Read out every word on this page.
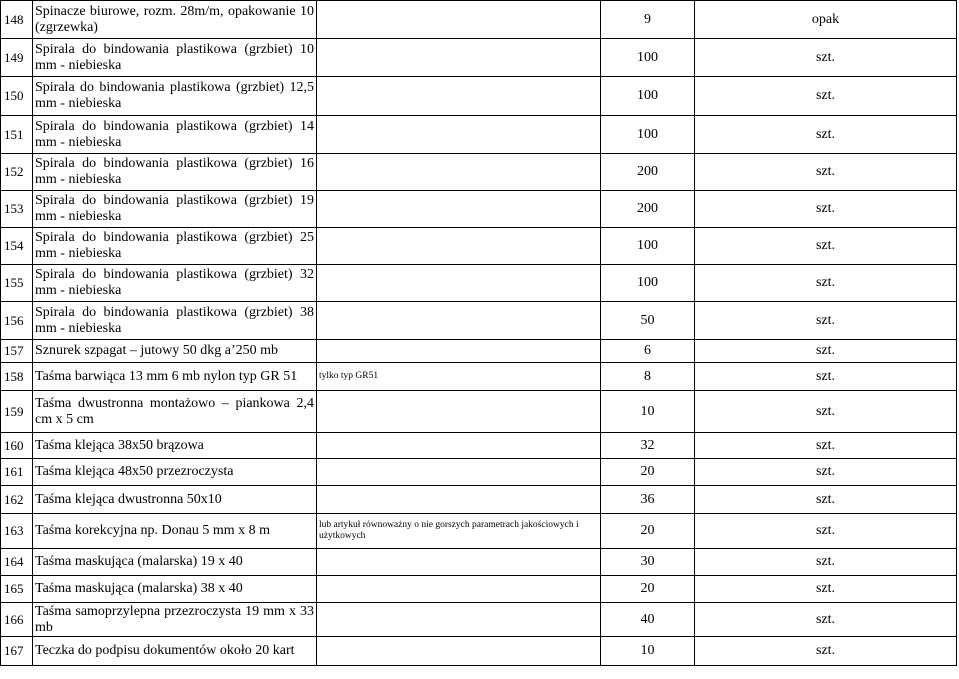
148	Spinacze biurowe, rozm. 28m/m, opakowanie 10 (zgrzewka)		9	opak
149	Spirala do bindowania plastikowa (grzbiet) 10 mm - niebieska		100	szt.
150	Spirala do bindowania plastikowa (grzbiet) 12,5 mm - niebieska		100	szt.
151	Spirala do bindowania plastikowa (grzbiet) 14 mm - niebieska		100	szt.
152	Spirala do bindowania plastikowa (grzbiet) 16 mm - niebieska		200	szt.
153	Spirala do bindowania plastikowa (grzbiet) 19 mm - niebieska		200	szt.
154	Spirala do bindowania plastikowa (grzbiet) 25 mm - niebieska		100	szt.
155	Spirala do bindowania plastikowa (grzbiet) 32 mm - niebieska		100	szt.
156	Spirala do bindowania plastikowa (grzbiet) 38 mm - niebieska		50	szt.
157	Sznurek szpagat – jutowy 50 dkg a’250 mb		6	szt.
158	Taśma barwiąca 13 mm 6 mb nylon typ GR 51	tylko typ GR51	8	szt.
159	Taśma dwustronna montażowo – piankowa 2,4 cm x 5 cm		10	szt.
160	Taśma klejąca 38x50 brązowa		32	szt.
161	Taśma klejąca 48x50 przezroczysta		20	szt.
162	Taśma klejąca dwustronna 50x10		36	szt.
163	Taśma korekcyjna np. Donau 5 mm x 8 m	lub artykuł równoważny o nie gorszych parametrach jakościowych i użytkowych	20	szt.
164	Taśma maskująca (malarska) 19 x 40		30	szt.
165	Taśma maskująca (malarska) 38 x 40		20	szt.
166	Taśma samoprzylepna przezroczysta 19 mm x 33 mb		40	szt.
167	Teczka do podpisu dokumentów około 20 kart		10	szt.
